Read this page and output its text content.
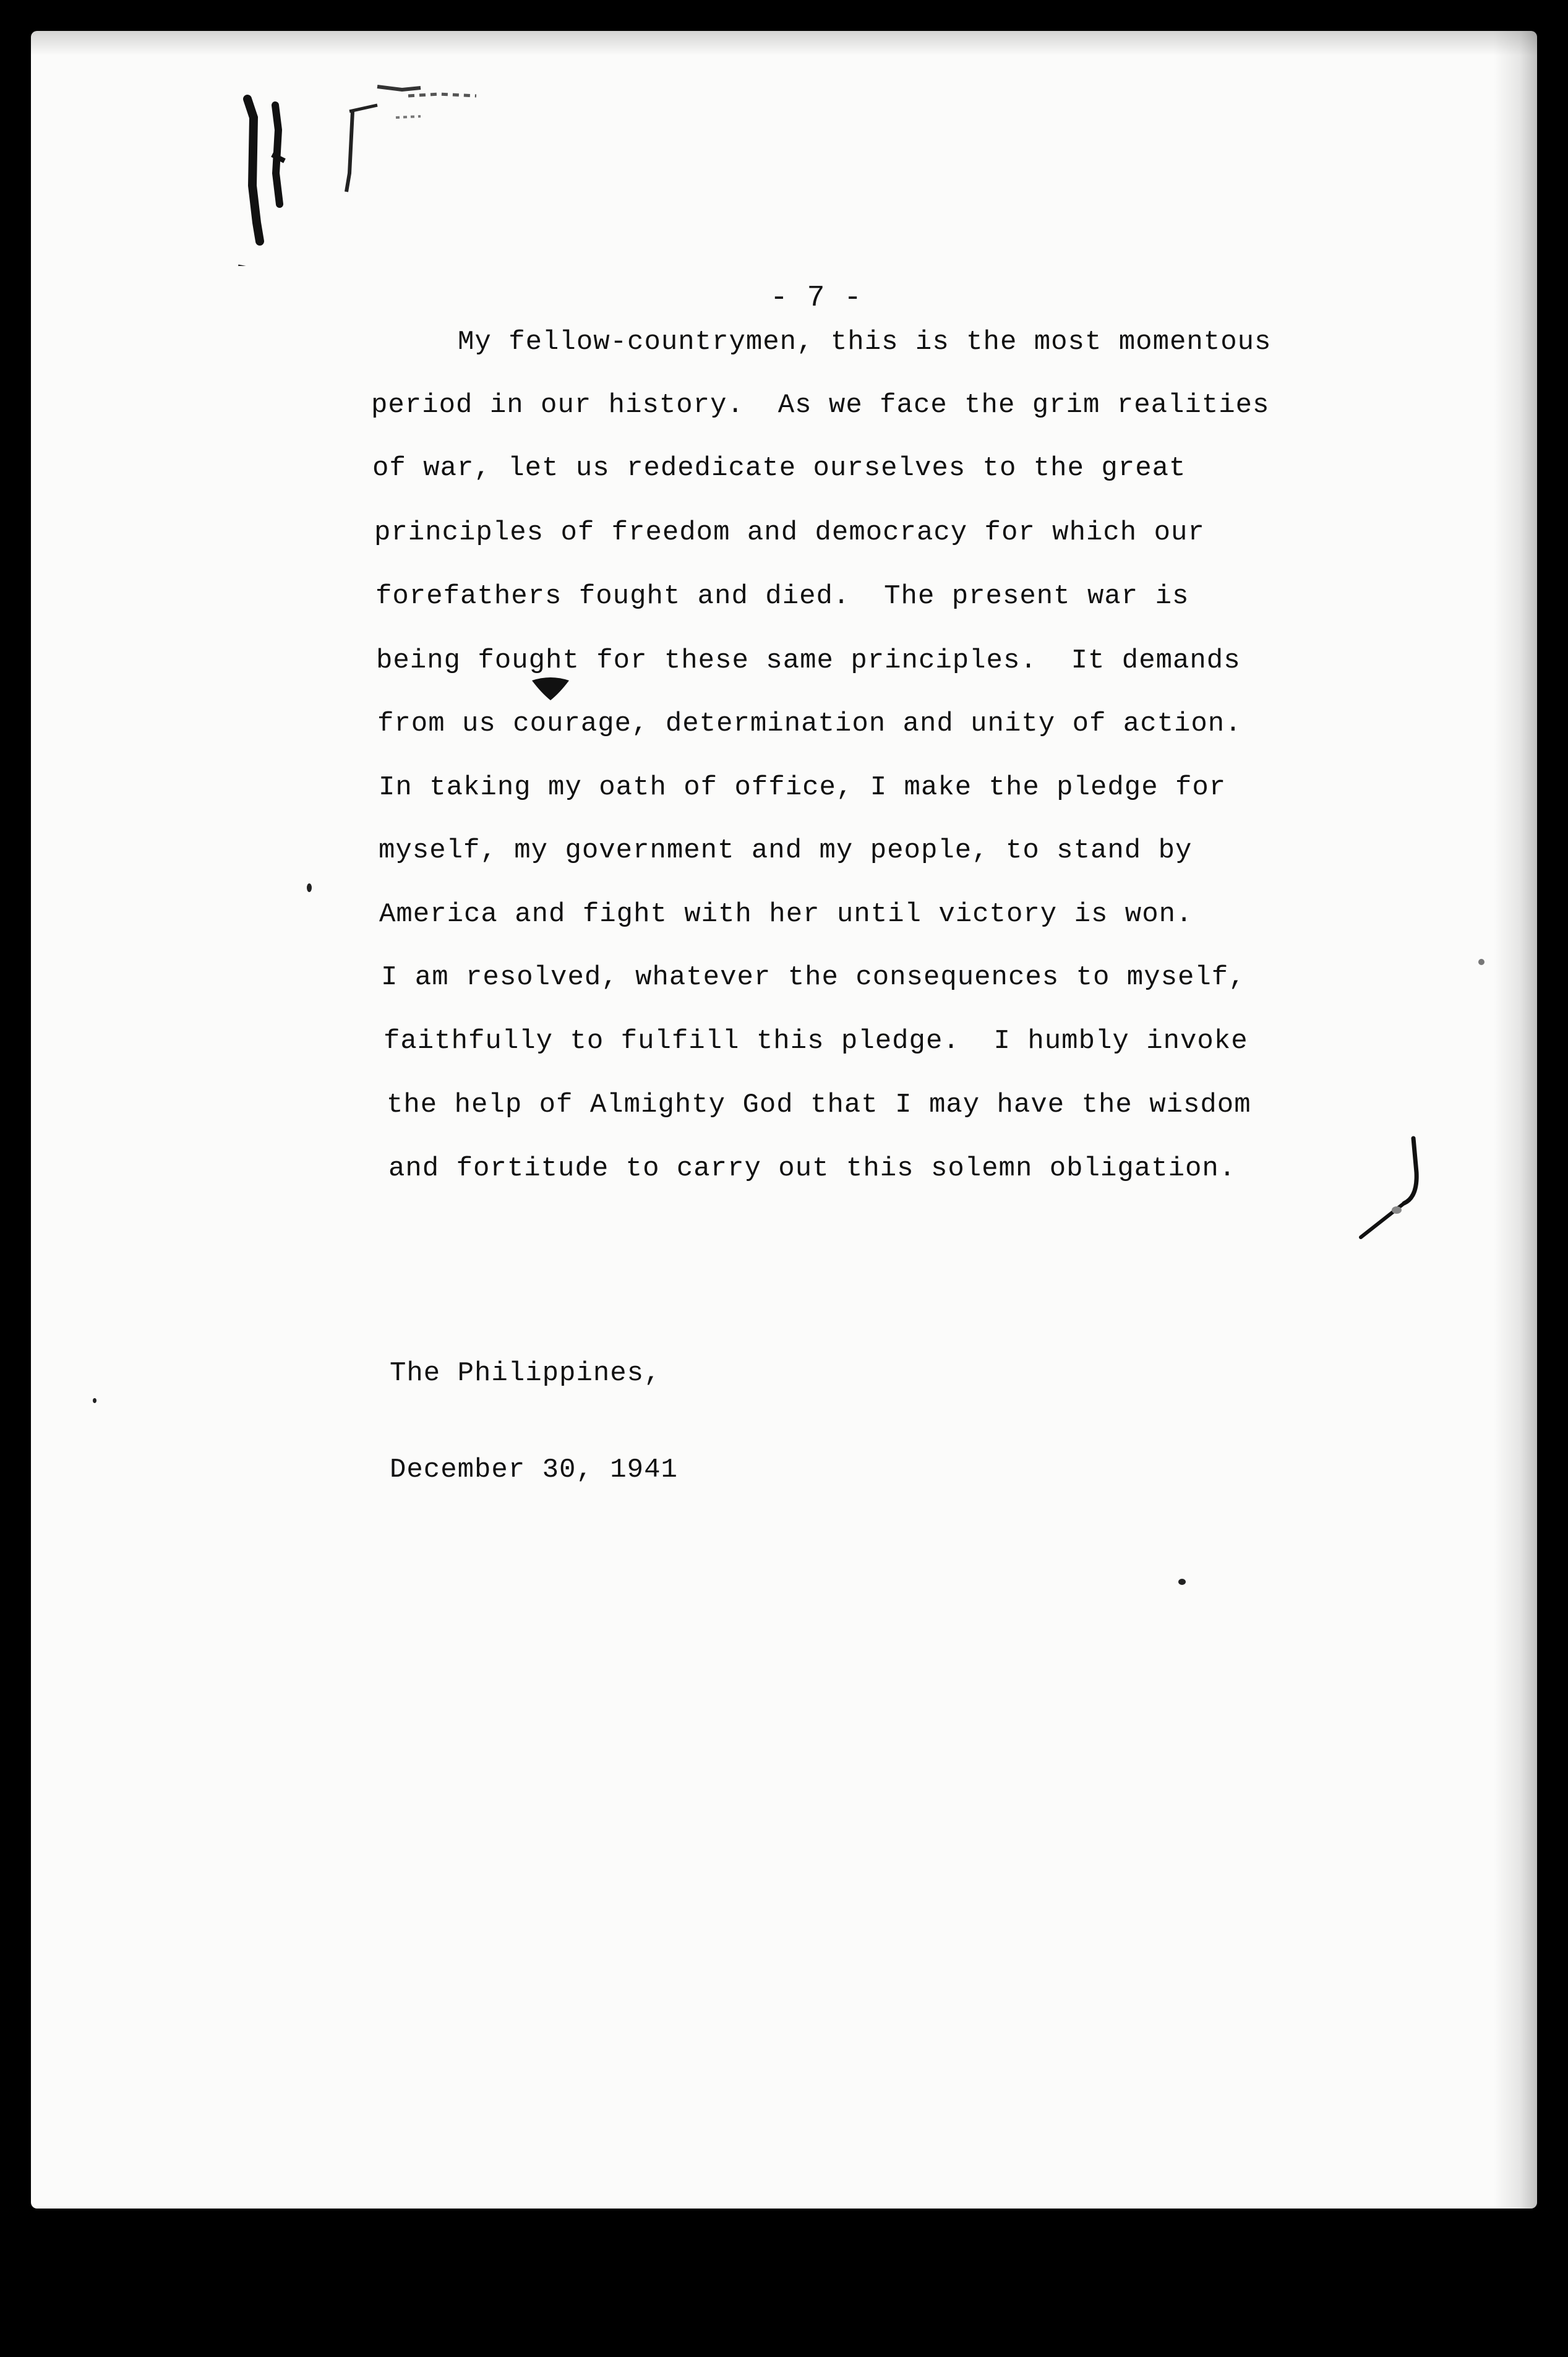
- 7 -
My fellow-countrymen, this is the most momentous
period in our history.  As we face the grim realities
of war, let us rededicate ourselves to the great
principles of freedom and democracy for which our
forefathers fought and died.  The present war is
being fought for these same principles.  It demands
from us courage, determination and unity of action.
In taking my oath of office, I make the pledge for
myself, my government and my people, to stand by
America and fight with her until victory is won.
I am resolved, whatever the consequences to myself,
faithfully to fulfill this pledge.  I humbly invoke
the help of Almighty God that I may have the wisdom
and fortitude to carry out this solemn obligation.

The Philippines,

December 30, 1941
